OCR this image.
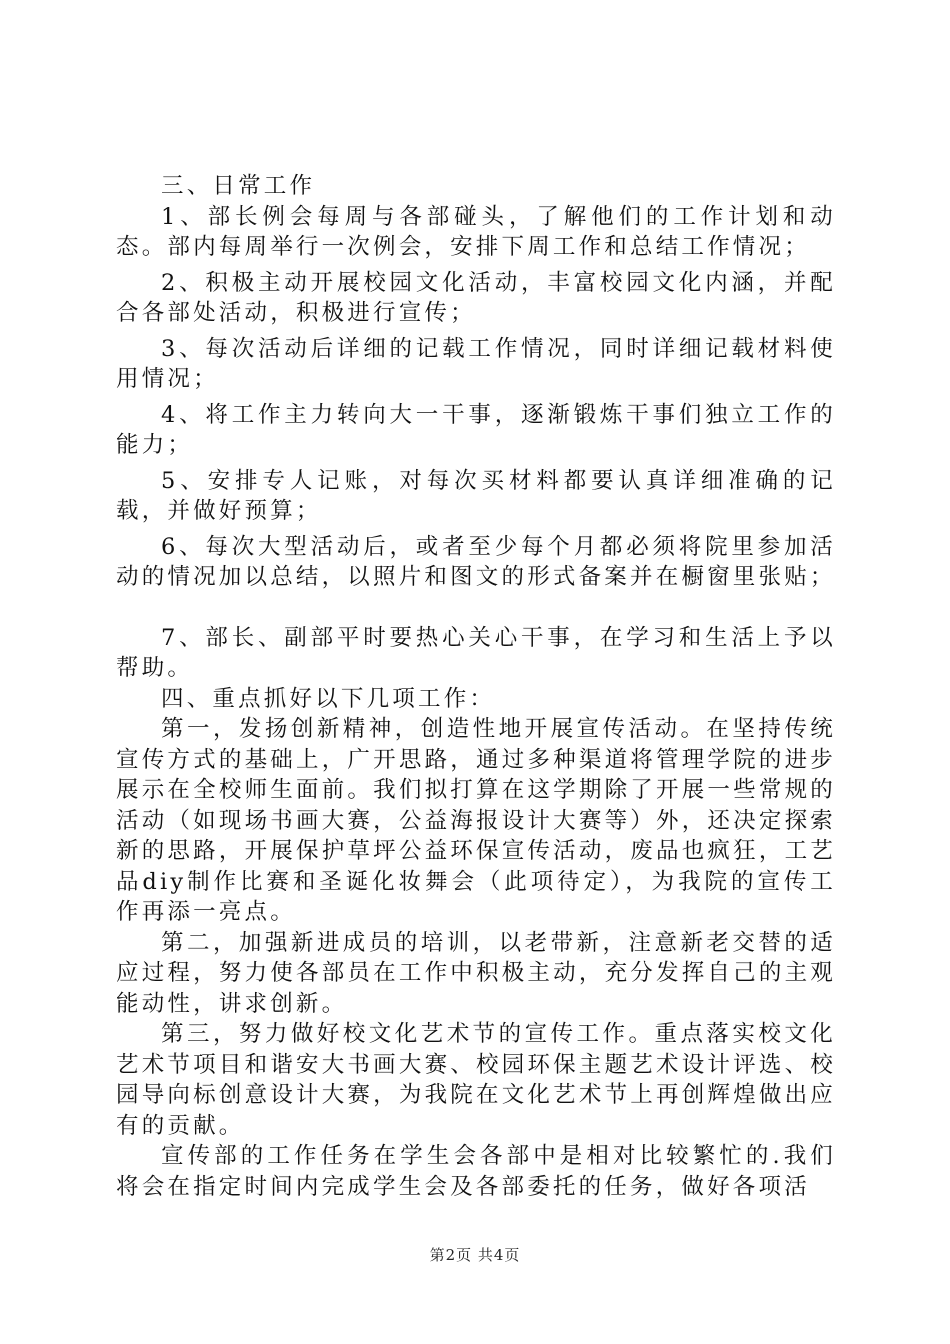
三、日常工作

1、部长例会每周与各部碰头，了解他们的工作计划和动态。部内每周举行一次例会，安排下周工作和总结工作情况；

2、积极主动开展校园文化活动，丰富校园文化内涵，并配合各部处活动，积极进行宣传；

3、每次活动后详细的记载工作情况，同时详细记载材料使用情况；

4、将工作主力转向大一干事，逐渐锻炼干事们独立工作的能力；

5、安排专人记账，对每次买材料都要认真详细准确的记载，并做好预算；

6、每次大型活动后，或者至少每个月都必须将院里参加活动的情况加以总结，以照片和图文的形式备案并在橱窗里张贴；

7、部长、副部平时要热心关心干事，在学习和生活上予以帮助。

四、重点抓好以下几项工作：

第一，发扬创新精神，创造性地开展宣传活动。在坚持传统宣传方式的基础上，广开思路，通过多种渠道将管理学院的进步展示在全校师生面前。我们拟打算在这学期除了开展一些常规的活动（如现场书画大赛，公益海报设计大赛等）外，还决定探索新的思路，开展保护草坪公益环保宣传活动，废品也疯狂，工艺品diy制作比赛和圣诞化妆舞会（此项待定），为我院的宣传工作再添一亮点。

第二，加强新进成员的培训，以老带新，注意新老交替的适应过程，努力使各部员在工作中积极主动，充分发挥自己的主观能动性，讲求创新。

第三，努力做好校文化艺术节的宣传工作。重点落实校文化艺术节项目和谐安大书画大赛、校园环保主题艺术设计评选、校园导向标创意设计大赛，为我院在文化艺术节上再创辉煌做出应有的贡献。

宣传部的工作任务在学生会各部中是相对比较繁忙的.我们将会在指定时间内完成学生会及各部委托的任务，做好各项活

第2页 共4页
